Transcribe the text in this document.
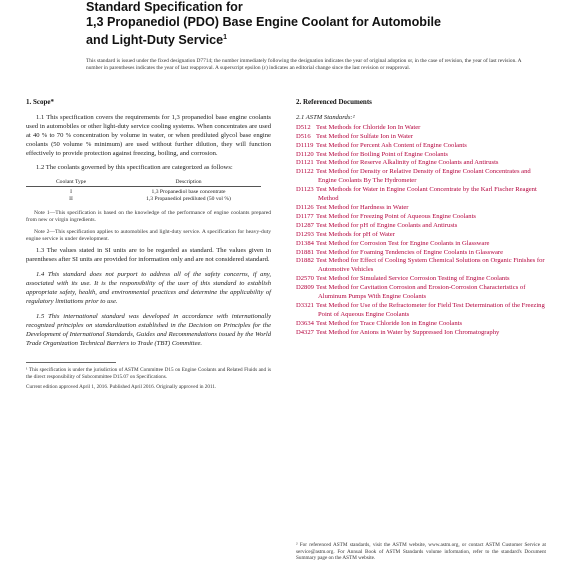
Standard Specification for
1,3 Propanediol (PDO) Base Engine Coolant for Automobile
and Light-Duty Service$^1$
This standard is issued under the fixed designation D7714; the number immediately following the designation indicates the year of original adoption or, in the case of revision, the year of last revision. A number in parentheses indicates the year of last reapproval. A superscript epsilon (ε) indicates an editorial change since the last revision or reapproval.
1. Scope*

1.1 This specification covers the requirements for 1,3 propanediol base engine coolants used in automobiles or other light-duty service cooling systems. When concentrates are used at 40 % to 70 % concentration by volume in water, or when prediluted glycol base engine coolants (50 volume % minimum) are used without further dilution, they will function effectively to provide protection against freezing, boiling, and corrosion.

1.2 The coolants governed by this specification are categorized as follows:

Coolant Type	Description
I	1,3 Propanediol base concentrate
II	1,3 Propanediol prediluted (50 vol %)

Note 1—This specification is based on the knowledge of the performance of engine coolants prepared from new or virgin ingredients.

Note 2—This specification applies to automobiles and light-duty service. A specification for heavy-duty engine service is under development.

1.3 The values stated in SI units are to be regarded as standard. The values given in parentheses after SI units are provided for information only and are not considered standard.

1.4 This standard does not purport to address all of the safety concerns, if any, associated with its use. It is the responsibility of the user of this standard to establish appropriate safety, health, and environmental practices and determine the applicability of regulatory limitations prior to use.

1.5 This international standard was developed in accordance with internationally recognized principles on standardization established in the Decision on Principles for the Development of International Standards, Guides and Recommendations issued by the World Trade Organization Technical Barriers to Trade (TBT) Committee.

¹ This specification is under the jurisdiction of ASTM Committee D15 on Engine Coolants and Related Fluids and is the direct responsibility of Subcommittee D15.07 on Specifications.

Current edition approved April 1, 2016. Published April 2016. Originally approved in 2011.

2. Referenced Documents
2.1 ASTM Standards:²
D512 Test Methods for Chloride Ion In Water
D516 Test Method for Sulfate Ion in Water
D1119 Test Method for Percent Ash Content of Engine Coolants
D1120 Test Method for Boiling Point of Engine Coolants
D1121 Test Method for Reserve Alkalinity of Engine Coolants and Antirusts
D1122 Test Method for Density or Relative Density of Engine Coolant Concentrates and Engine Coolants By The Hydrometer
D1123 Test Methods for Water in Engine Coolant Concentrate by the Karl Fischer Reagent Method
D1126 Test Method for Hardness in Water
D1177 Test Method for Freezing Point of Aqueous Engine Coolants
D1287 Test Method for pH of Engine Coolants and Antirusts
D1293 Test Methods for pH of Water
D1384 Test Method for Corrosion Test for Engine Coolants in Glassware
D1881 Test Method for Foaming Tendencies of Engine Coolants in Glassware
D1882 Test Method for Effect of Cooling System Chemical Solutions on Organic Finishes for Automotive Vehicles
D2570 Test Method for Simulated Service Corrosion Testing of Engine Coolants
D2809 Test Method for Cavitation Corrosion and Erosion-Corrosion Characteristics of Aluminum Pumps With Engine Coolants
D3321 Test Method for Use of the Refractometer for Field Test Determination of the Freezing Point of Aqueous Engine Coolants
D3634 Test Method for Trace Chloride Ion in Engine Coolants
D4327 Test Method for Anions in Water by Suppressed Ion Chromatography

² For referenced ASTM standards, visit the ASTM website, www.astm.org, or contact ASTM Customer Service at service@astm.org. For Annual Book of ASTM Standards volume information, refer to the standard's Document Summary page on the ASTM website.
